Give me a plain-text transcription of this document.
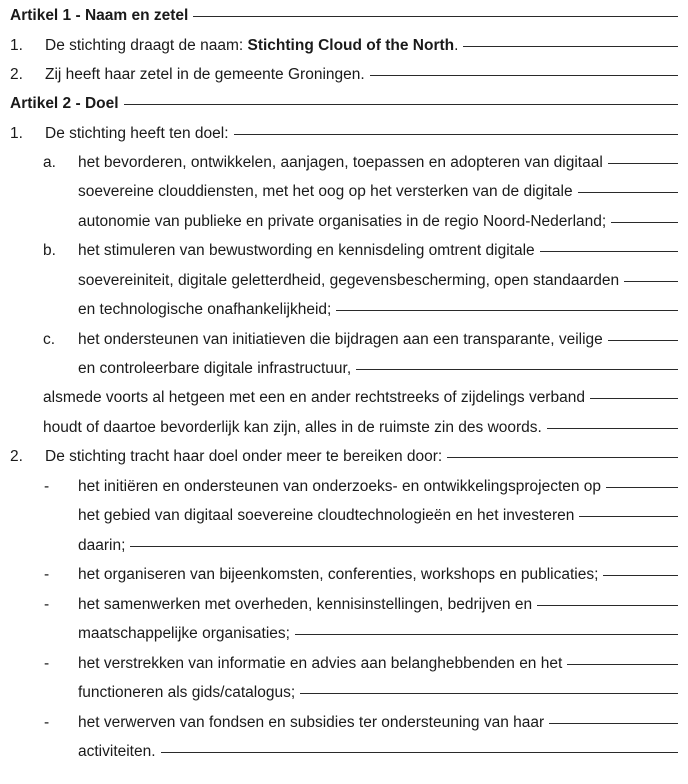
Artikel 1 - Naam en zetel
1. De stichting draagt de naam: Stichting Cloud of the North.
2. Zij heeft haar zetel in de gemeente Groningen.
Artikel 2 - Doel
1. De stichting heeft ten doel:
a. het bevorderen, ontwikkelen, aanjagen, toepassen en adopteren van digitaal
soevereine clouddiensten, met het oog op het versterken van de digitale
autonomie van publieke en private organisaties in de regio Noord-Nederland;
b. het stimuleren van bewustwording en kennisdeling omtrent digitale
soevereiniteit, digitale geletterdheid, gegevensbescherming, open standaarden
en technologische onafhankelijkheid;
c. het ondersteunen van initiatieven die bijdragen aan een transparante, veilige
en controleerbare digitale infrastructuur,
alsmede voorts al hetgeen met een en ander rechtstreeks of zijdelings verband
houdt of daartoe bevorderlijk kan zijn, alles in de ruimste zin des woords.
2. De stichting tracht haar doel onder meer te bereiken door:
- het initiëren en ondersteunen van onderzoeks- en ontwikkelingsprojecten op
het gebied van digitaal soevereine cloudtechnologieën en het investeren
daarin;
- het organiseren van bijeenkomsten, conferenties, workshops en publicaties;
- het samenwerken met overheden, kennisinstellingen, bedrijven en
maatschappelijke organisaties;
- het verstrekken van informatie en advies aan belanghebbenden en het
functioneren als gids/catalogus;
- het verwerven van fondsen en subsidies ter ondersteuning van haar
activiteiten.
